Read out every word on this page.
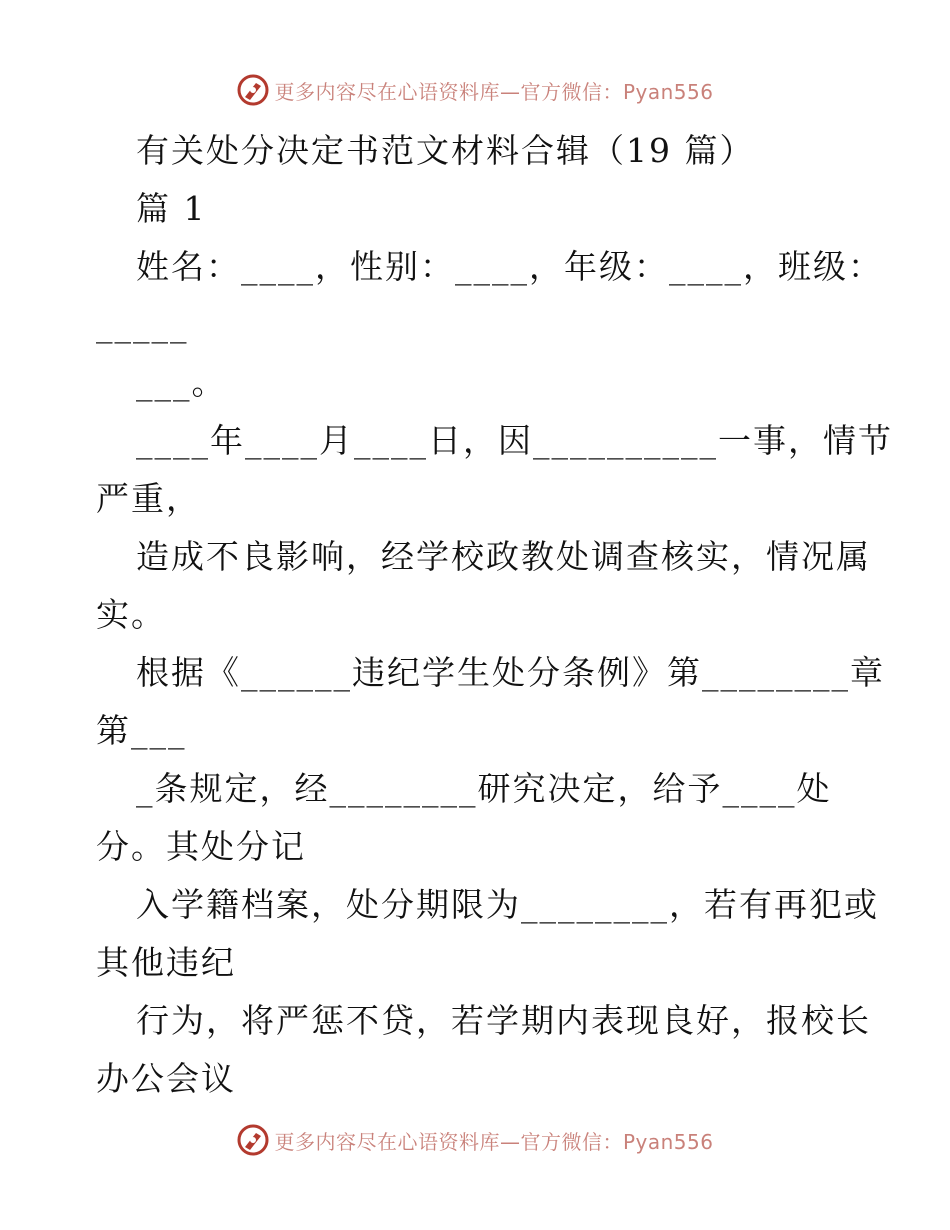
更多内容尽在心语资料库—官方微信：Pyan556
有关处分决定书范文材料合辑（19 篇）
篇 1
姓名：____，性别：____，年级：____，班级：
_____
___。
____年____月____日，因__________一事，情节
严重，
造成不良影响，经学校政教处调查核实，情况属
实。
根据《______违纪学生处分条例》第________章
第___
_条规定，经________研究决定，给予____处
分。其处分记
入学籍档案，处分期限为________，若有再犯或
其他违纪
行为，将严惩不贷，若学期内表现良好，报校长
办公会议
更多内容尽在心语资料库—官方微信：Pyan556
